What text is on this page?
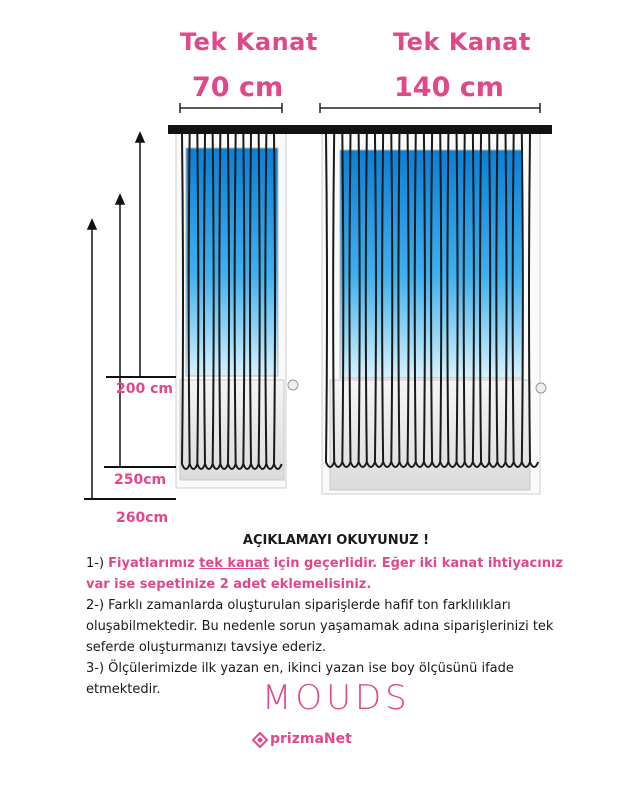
Tek Kanat
70 cm
Tek Kanat
140 cm
200 cm
250cm
260cm
AÇIKLAMAYI OKUYUNUZ !
1-) Fiyatlarımız tek kanat için geçerlidir. Eğer iki kanat ihtiyacınız var ise sepetinize 2 adet eklemelisiniz.
2-) Farklı zamanlarda oluşturulan siparişlerde hafif ton farklılıkları oluşabilmektedir. Bu nedenle sorun yaşamamak adına siparişlerinizi tek seferde oluşturmanızı tavsiye ederiz.
3-) Ölçülerimizde ilk yazan en, ikinci yazan ise boy ölçüsünü ifade etmektedir.	MOUDS
prizmaNet
